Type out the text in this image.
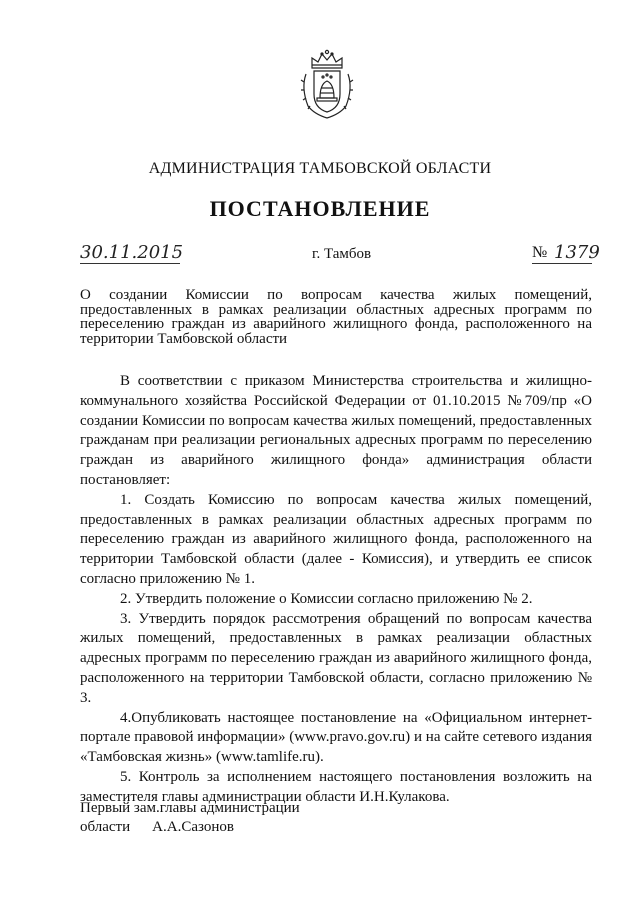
АДМИНИСТРАЦИЯ ТАМБОВСКОЙ ОБЛАСТИ
ПОСТАНОВЛЕНИЕ
30.11.2015	г. Тамбов	№ 1379
О создании Комиссии по вопросам качества жилых помещений, предоставленных в рамках реализации областных адресных программ по переселению граждан из аварийного жилищного фонда, расположенного на территории Тамбовской области

В соответствии с приказом Министерства строительства и жилищно-коммунального хозяйства Российской Федерации от 01.10.2015 №709/пр «О создании Комиссии по вопросам качества жилых помещений, предоставленных гражданам при реализации региональных адресных программ по переселению граждан из аварийного жилищного фонда» администрация области постановляет:

1. Создать Комиссию по вопросам качества жилых помещений, предоставленных в рамках реализации областных адресных программ по переселению граждан из аварийного жилищного фонда, расположенного на территории Тамбовской области (далее - Комиссия), и утвердить ее список согласно приложению № 1.

2. Утвердить положение о Комиссии согласно приложению № 2.

3. Утвердить порядок рассмотрения обращений по вопросам качества жилых помещений, предоставленных в рамках реализации областных адресных программ по переселению граждан из аварийного жилищного фонда, расположенного на территории Тамбовской области, согласно приложению № 3.

4.Опубликовать настоящее постановление на «Официальном интернет-портале правовой информации» (www.pravo.gov.ru) и на сайте сетевого издания «Тамбовская жизнь» (www.tamlife.ru).

5. Контроль за исполнением настоящего постановления возложить на заместителя главы администрации области И.Н.Кулакова.

Первый зам.главы администрации
области А.А.Сазонов
